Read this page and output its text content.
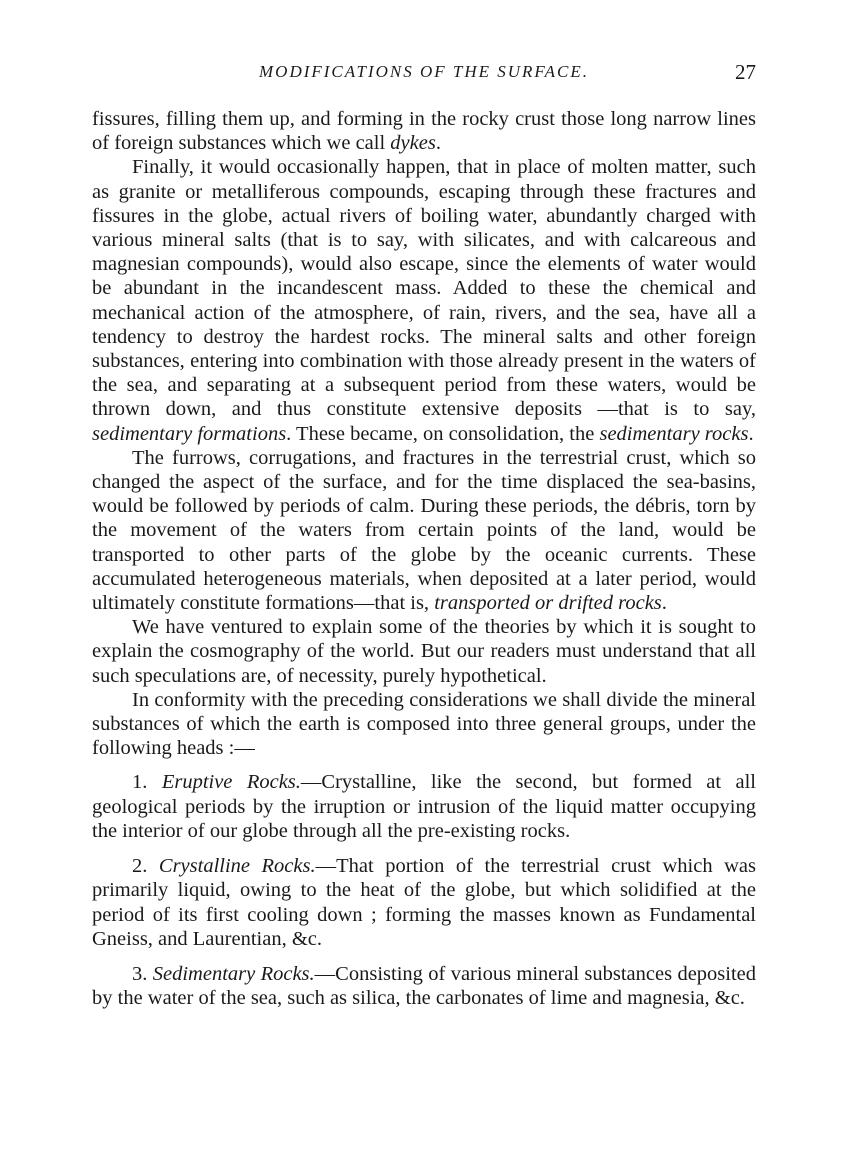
MODIFICATIONS OF THE SURFACE.	27

fissures, filling them up, and forming in the rocky crust those long narrow lines of foreign substances which we call dykes.

Finally, it would occasionally happen, that in place of molten matter, such as granite or metalliferous compounds, escaping through these fractures and fissures in the globe, actual rivers of boiling water, abundantly charged with various mineral salts (that is to say, with silicates, and with calcareous and magnesian compounds), would also escape, since the elements of water would be abundant in the incandescent mass. Added to these the chemical and mechanical action of the atmosphere, of rain, rivers, and the sea, have all a tendency to destroy the hardest rocks. The mineral salts and other foreign substances, entering into combination with those already present in the waters of the sea, and separating at a subsequent period from these waters, would be thrown down, and thus constitute extensive deposits —that is to say, sedimentary formations. These became, on consolidation, the sedimentary rocks.

The furrows, corrugations, and fractures in the terrestrial crust, which so changed the aspect of the surface, and for the time displaced the sea-basins, would be followed by periods of calm. During these periods, the débris, torn by the movement of the waters from certain points of the land, would be transported to other parts of the globe by the oceanic currents. These accumulated heterogeneous materials, when deposited at a later period, would ultimately constitute formations—that is, transported or drifted rocks.

We have ventured to explain some of the theories by which it is sought to explain the cosmography of the world. But our readers must understand that all such speculations are, of necessity, purely hypothetical.

In conformity with the preceding considerations we shall divide the mineral substances of which the earth is composed into three general groups, under the following heads :—

1. Eruptive Rocks.—Crystalline, like the second, but formed at all geological periods by the irruption or intrusion of the liquid matter occupying the interior of our globe through all the pre-existing rocks.

2. Crystalline Rocks.—That portion of the terrestrial crust which was primarily liquid, owing to the heat of the globe, but which solidified at the period of its first cooling down ; forming the masses known as Fundamental Gneiss, and Laurentian, &c.

3. Sedimentary Rocks.—Consisting of various mineral substances deposited by the water of the sea, such as silica, the carbonates of lime and magnesia, &c.
